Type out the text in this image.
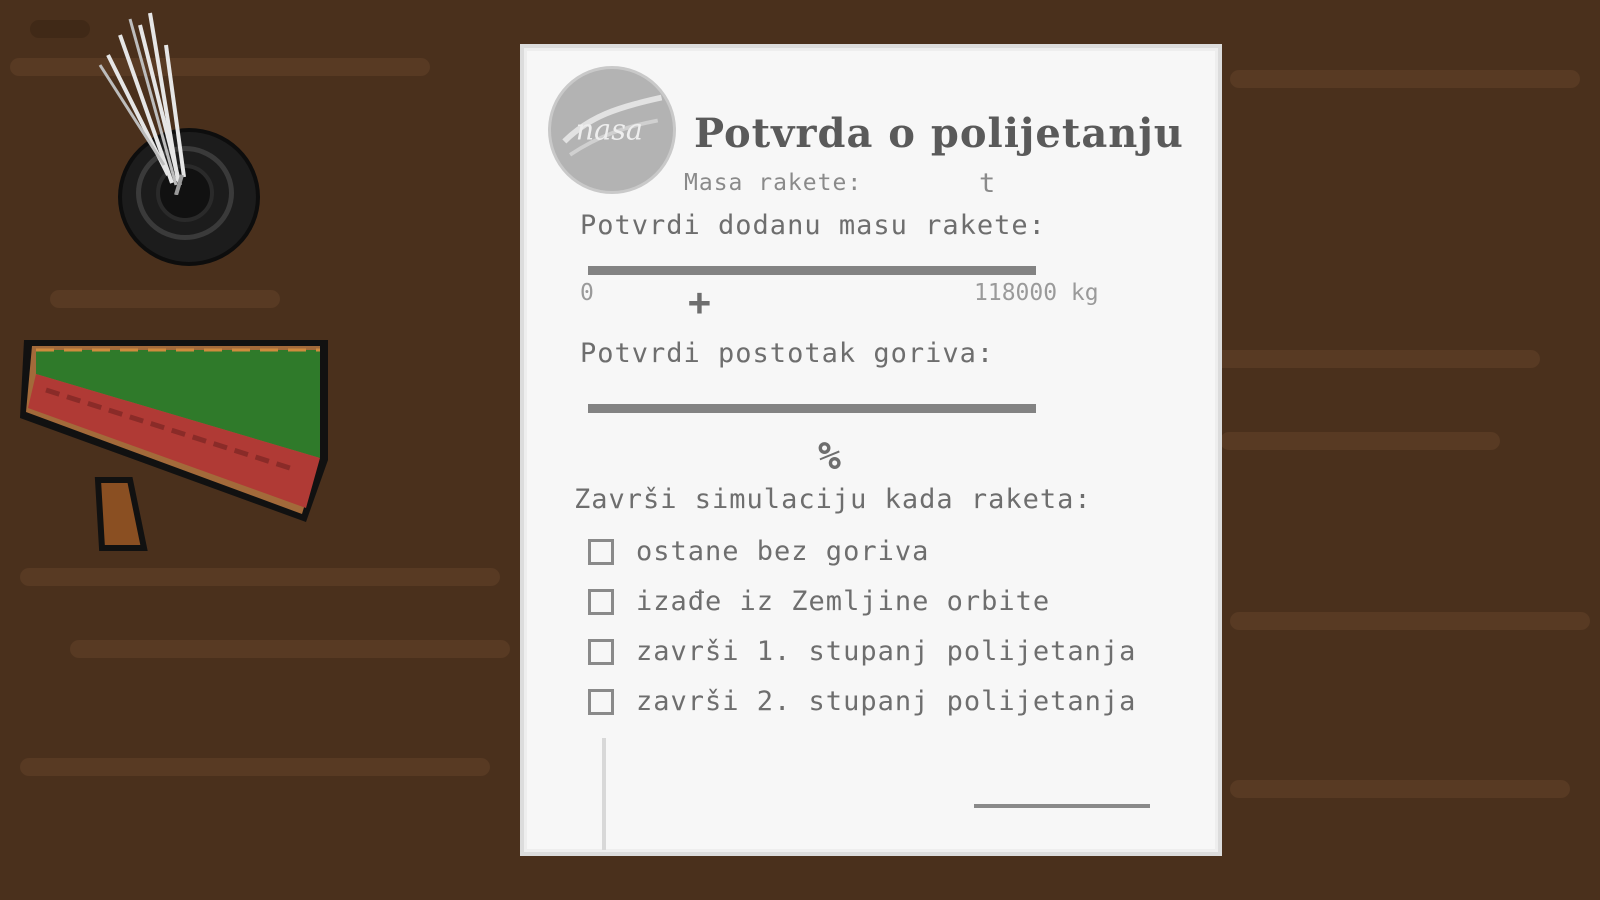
nasa Potvrda o polijetanju
Masa rakete:	t
Potvrdi dodanu masu rakete:
0	118000 kg
+
Potvrdi postotak goriva:
%
Završi simulaciju kada raketa:
ostane bez goriva
izađe iz Zemljine orbite
završi 1. stupanj polijetanja
završi 2. stupanj polijetanja
